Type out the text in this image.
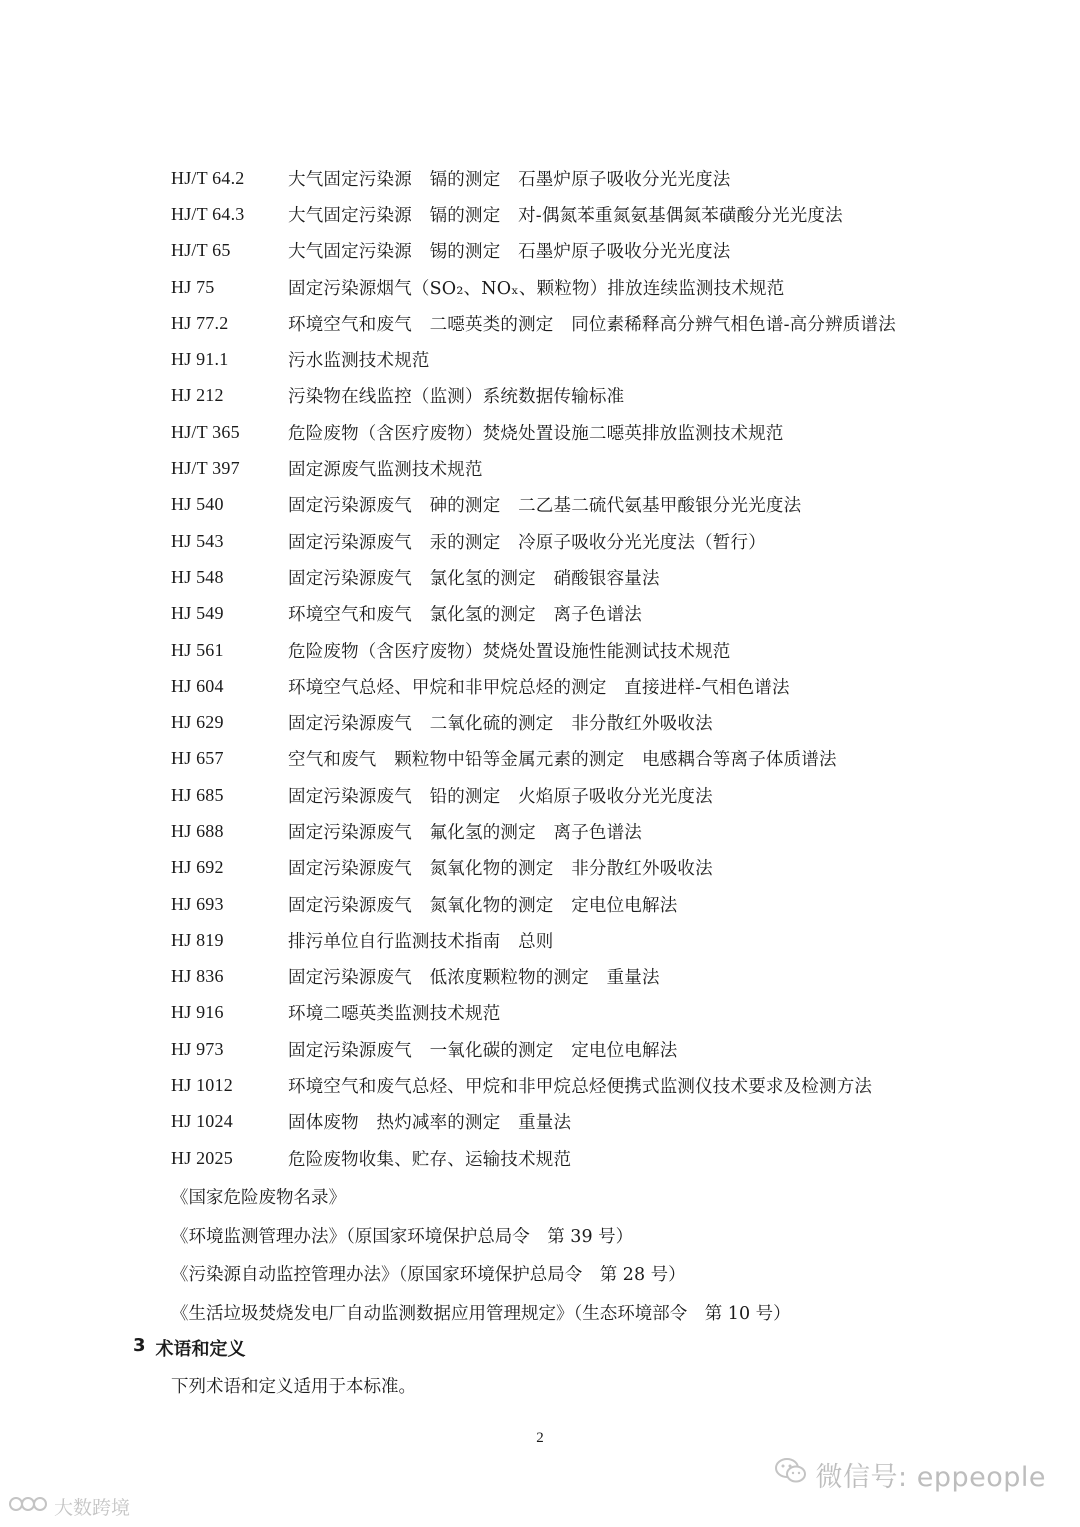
HJ/T 64.2	大气固定污染源　镉的测定　石墨炉原子吸收分光光度法
HJ/T 64.3	大气固定污染源　镉的测定　对-偶氮苯重氮氨基偶氮苯磺酸分光光度法
HJ/T 65	大气固定污染源　锡的测定　石墨炉原子吸收分光光度法
HJ 75	固定污染源烟气（SO₂、NOₓ、颗粒物）排放连续监测技术规范
HJ 77.2	环境空气和废气　二噁英类的测定　同位素稀释高分辨气相色谱-高分辨质谱法
HJ 91.1	污水监测技术规范
HJ 212	污染物在线监控（监测）系统数据传输标准
HJ/T 365	危险废物（含医疗废物）焚烧处置设施二噁英排放监测技术规范
HJ/T 397	固定源废气监测技术规范
HJ 540	固定污染源废气　砷的测定　二乙基二硫代氨基甲酸银分光光度法
HJ 543	固定污染源废气　汞的测定　冷原子吸收分光光度法（暂行）
HJ 548	固定污染源废气　氯化氢的测定　硝酸银容量法
HJ 549	环境空气和废气　氯化氢的测定　离子色谱法
HJ 561	危险废物（含医疗废物）焚烧处置设施性能测试技术规范
HJ 604	环境空气总烃、甲烷和非甲烷总烃的测定　直接进样-气相色谱法
HJ 629	固定污染源废气　二氧化硫的测定　非分散红外吸收法
HJ 657	空气和废气　颗粒物中铅等金属元素的测定　电感耦合等离子体质谱法
HJ 685	固定污染源废气　铅的测定　火焰原子吸收分光光度法
HJ 688	固定污染源废气　氟化氢的测定　离子色谱法
HJ 692	固定污染源废气　氮氧化物的测定　非分散红外吸收法
HJ 693	固定污染源废气　氮氧化物的测定　定电位电解法
HJ 819	排污单位自行监测技术指南　总则
HJ 836	固定污染源废气　低浓度颗粒物的测定　重量法
HJ 916	环境二噁英类监测技术规范
HJ 973	固定污染源废气　一氧化碳的测定　定电位电解法
HJ 1012	环境空气和废气总烃、甲烷和非甲烷总烃便携式监测仪技术要求及检测方法
HJ 1024	固体废物　热灼减率的测定　重量法
HJ 2025	危险废物收集、贮存、运输技术规范
《国家危险废物名录》
《环境监测管理办法》（原国家环境保护总局令　第 39 号）
《污染源自动监控管理办法》（原国家环境保护总局令　第 28 号）
《生活垃圾焚烧发电厂自动监测数据应用管理规定》（生态环境部令　第 10 号）
3 术语和定义
下列术语和定义适用于本标准。
2
微信号: eppeople
大数跨境
